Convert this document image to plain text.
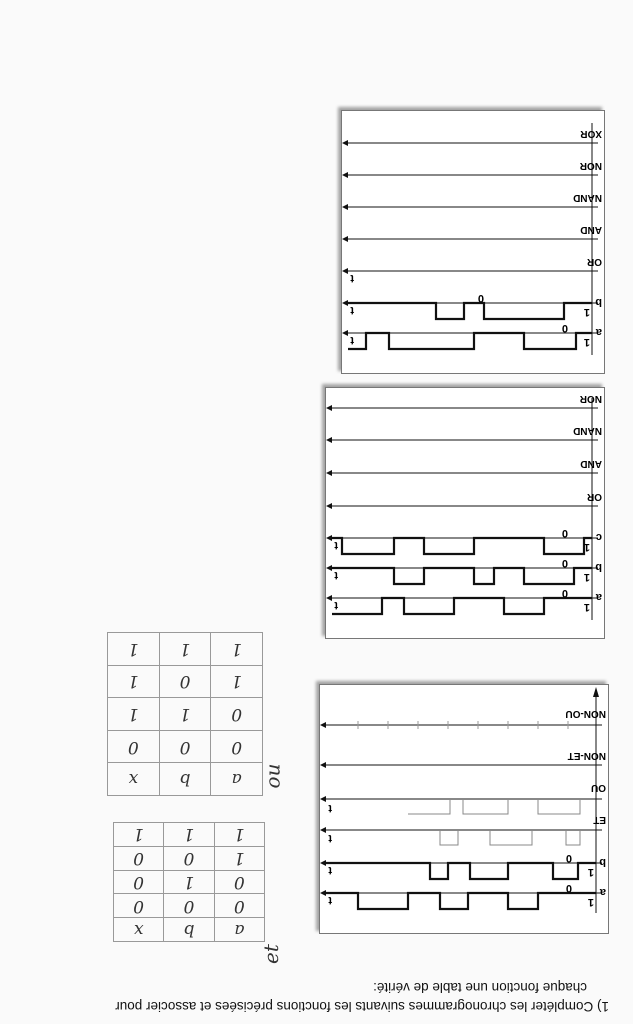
1) Compléter les chronogrammes suivants les fonctions précisées et associer pour
chaque fonction une table de vérité:
1
0
1
0
t
t
t
t
a
b
ET
OU
NON-ET
NON-OU
1
0
1
0
1
0
t
t
t
a
b
c
OR
AND
NAND
NOR
1
0
1
0
t
t
t
a
b
OR
AND
NAND
NOR
XOR
et
a	b	x
0	0	0
0	1	0
1	0	0
1	1	1
ou
a	b	x
0	0	0
0	1	1
1	0	1
1	1	1
